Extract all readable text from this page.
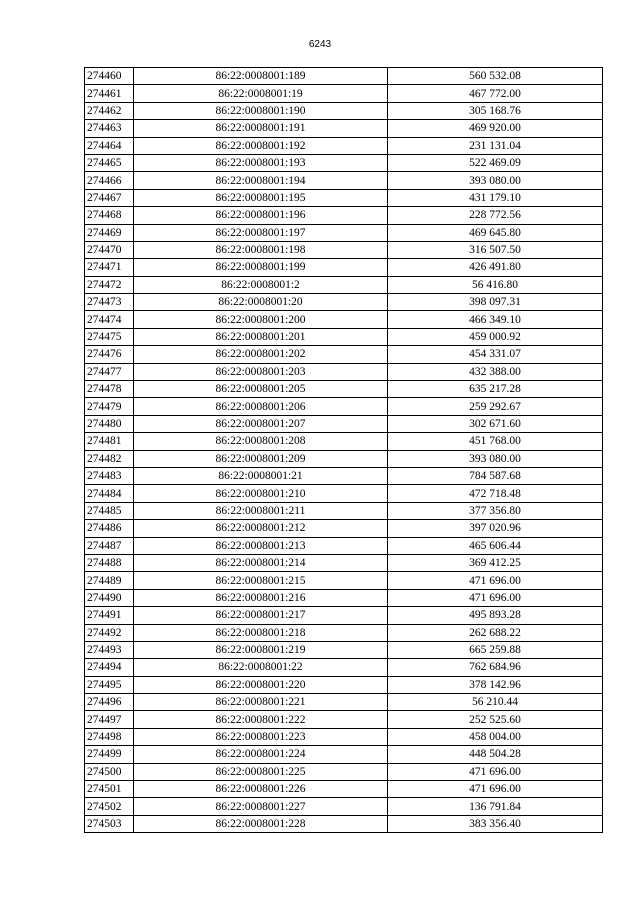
6243
274460	86:22:0008001:189	560 532.08
274461	86:22:0008001:19	467 772.00
274462	86:22:0008001:190	305 168.76
274463	86:22:0008001:191	469 920.00
274464	86:22:0008001:192	231 131.04
274465	86:22:0008001:193	522 469.09
274466	86:22:0008001:194	393 080.00
274467	86:22:0008001:195	431 179.10
274468	86:22:0008001:196	228 772.56
274469	86:22:0008001:197	469 645.80
274470	86:22:0008001:198	316 507.50
274471	86:22:0008001:199	426 491.80
274472	86:22:0008001:2	56 416.80
274473	86:22:0008001:20	398 097.31
274474	86:22:0008001:200	466 349.10
274475	86:22:0008001:201	459 000.92
274476	86:22:0008001:202	454 331.07
274477	86:22:0008001:203	432 388.00
274478	86:22:0008001:205	635 217.28
274479	86:22:0008001:206	259 292.67
274480	86:22:0008001:207	302 671.60
274481	86:22:0008001:208	451 768.00
274482	86:22:0008001:209	393 080.00
274483	86:22:0008001:21	784 587.68
274484	86:22:0008001:210	472 718.48
274485	86:22:0008001:211	377 356.80
274486	86:22:0008001:212	397 020.96
274487	86:22:0008001:213	465 606.44
274488	86:22:0008001:214	369 412.25
274489	86:22:0008001:215	471 696.00
274490	86:22:0008001:216	471 696.00
274491	86:22:0008001:217	495 893.28
274492	86:22:0008001:218	262 688.22
274493	86:22:0008001:219	665 259.88
274494	86:22:0008001:22	762 684.96
274495	86:22:0008001:220	378 142.96
274496	86:22:0008001:221	56 210.44
274497	86:22:0008001:222	252 525.60
274498	86:22:0008001:223	458 004.00
274499	86:22:0008001:224	448 504.28
274500	86:22:0008001:225	471 696.00
274501	86:22:0008001:226	471 696.00
274502	86:22:0008001:227	136 791.84
274503	86:22:0008001:228	383 356.40
